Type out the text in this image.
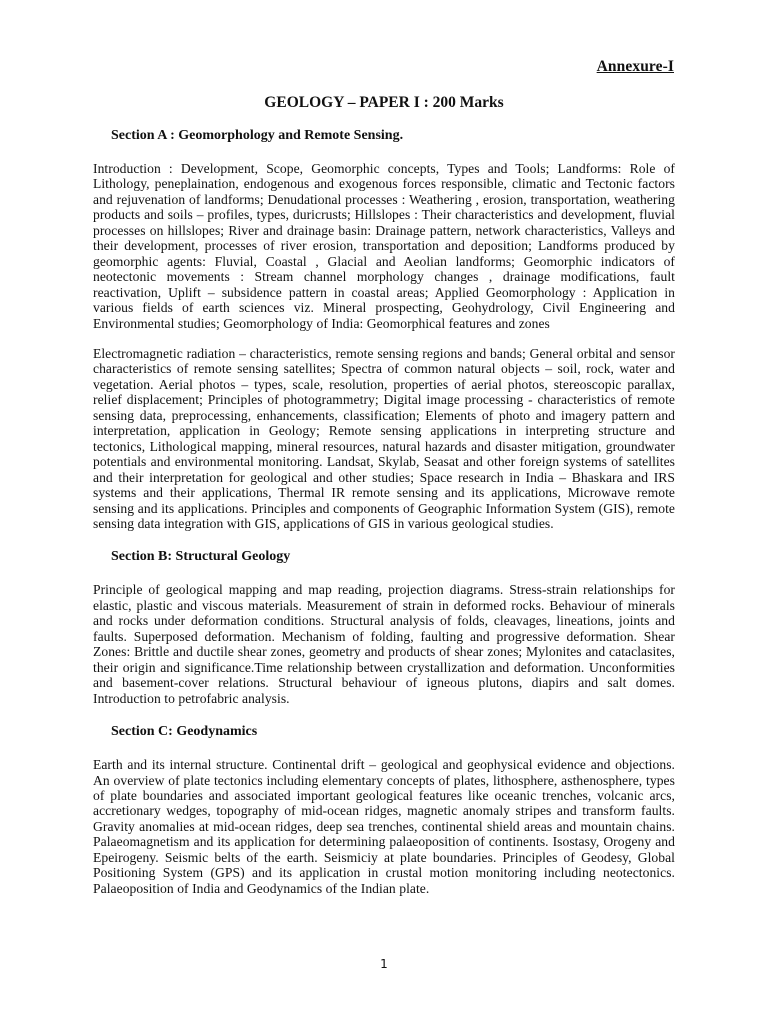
Annexure-I
GEOLOGY – PAPER I : 200 Marks
Section A : Geomorphology and Remote Sensing.

Introduction : Development, Scope, Geomorphic concepts, Types and Tools; Landforms: Role of Lithology, peneplaination, endogenous and exogenous forces responsible, climatic and Tectonic factors and rejuvenation of landforms; Denudational processes : Weathering , erosion, transportation, weathering products and soils – profiles, types, duricrusts; Hillslopes : Their characteristics and development, fluvial processes on hillslopes; River and drainage basin: Drainage pattern, network characteristics, Valleys and their development, processes of river erosion, transportation and deposition; Landforms produced by geomorphic agents: Fluvial, Coastal , Glacial and Aeolian landforms; Geomorphic indicators of neotectonic movements : Stream channel morphology changes , drainage modifications, fault reactivation, Uplift – subsidence pattern in coastal areas; Applied Geomorphology : Application in various fields of earth sciences viz. Mineral prospecting, Geohydrology, Civil Engineering and Environmental studies; Geomorphology of India: Geomorphical features and zones

Electromagnetic radiation – characteristics, remote sensing regions and bands; General orbital and sensor characteristics of remote sensing satellites; Spectra of common natural objects – soil, rock, water and vegetation. Aerial photos – types, scale, resolution, properties of aerial photos, stereoscopic parallax, relief displacement; Principles of photogrammetry; Digital image processing - characteristics of remote sensing data, preprocessing, enhancements, classification; Elements of photo and imagery pattern and interpretation, application in Geology; Remote sensing applications in interpreting structure and tectonics, Lithological mapping, mineral resources, natural hazards and disaster mitigation, groundwater potentials and environmental monitoring. Landsat, Skylab, Seasat and other foreign systems of satellites and their interpretation for geological and other studies; Space research in India – Bhaskara and IRS systems and their applications, Thermal IR remote sensing and its applications, Microwave remote sensing and its applications. Principles and components of Geographic Information System (GIS), remote sensing data integration with GIS, applications of GIS in various geological studies.

Section B: Structural Geology

Principle of geological mapping and map reading, projection diagrams. Stress-strain relationships for elastic, plastic and viscous materials. Measurement of strain in deformed rocks. Behaviour of minerals and rocks under deformation conditions. Structural analysis of folds, cleavages, lineations, joints and faults. Superposed deformation. Mechanism of folding, faulting and progressive deformation. Shear Zones: Brittle and ductile shear zones, geometry and products of shear zones; Mylonites and cataclasites, their origin and significance.Time relationship between crystallization and deformation. Unconformities and basement-cover relations. Structural behaviour of igneous plutons, diapirs and salt domes. Introduction to petrofabric analysis.

Section C: Geodynamics

Earth and its internal structure. Continental drift – geological and geophysical evidence and objections. An overview of plate tectonics including elementary concepts of plates, lithosphere, asthenosphere, types of plate boundaries and associated important geological features like oceanic trenches, volcanic arcs, accretionary wedges, topography of mid-ocean ridges, magnetic anomaly stripes and transform faults. Gravity anomalies at mid-ocean ridges, deep sea trenches, continental shield areas and mountain chains. Palaeomagnetism and its application for determining palaeoposition of continents. Isostasy, Orogeny and Epeirogeny. Seismic belts of the earth. Seismiciy at plate boundaries. Principles of Geodesy, Global Positioning System (GPS) and its application in crustal motion monitoring including neotectonics. Palaeoposition of India and Geodynamics of the Indian plate.

1
